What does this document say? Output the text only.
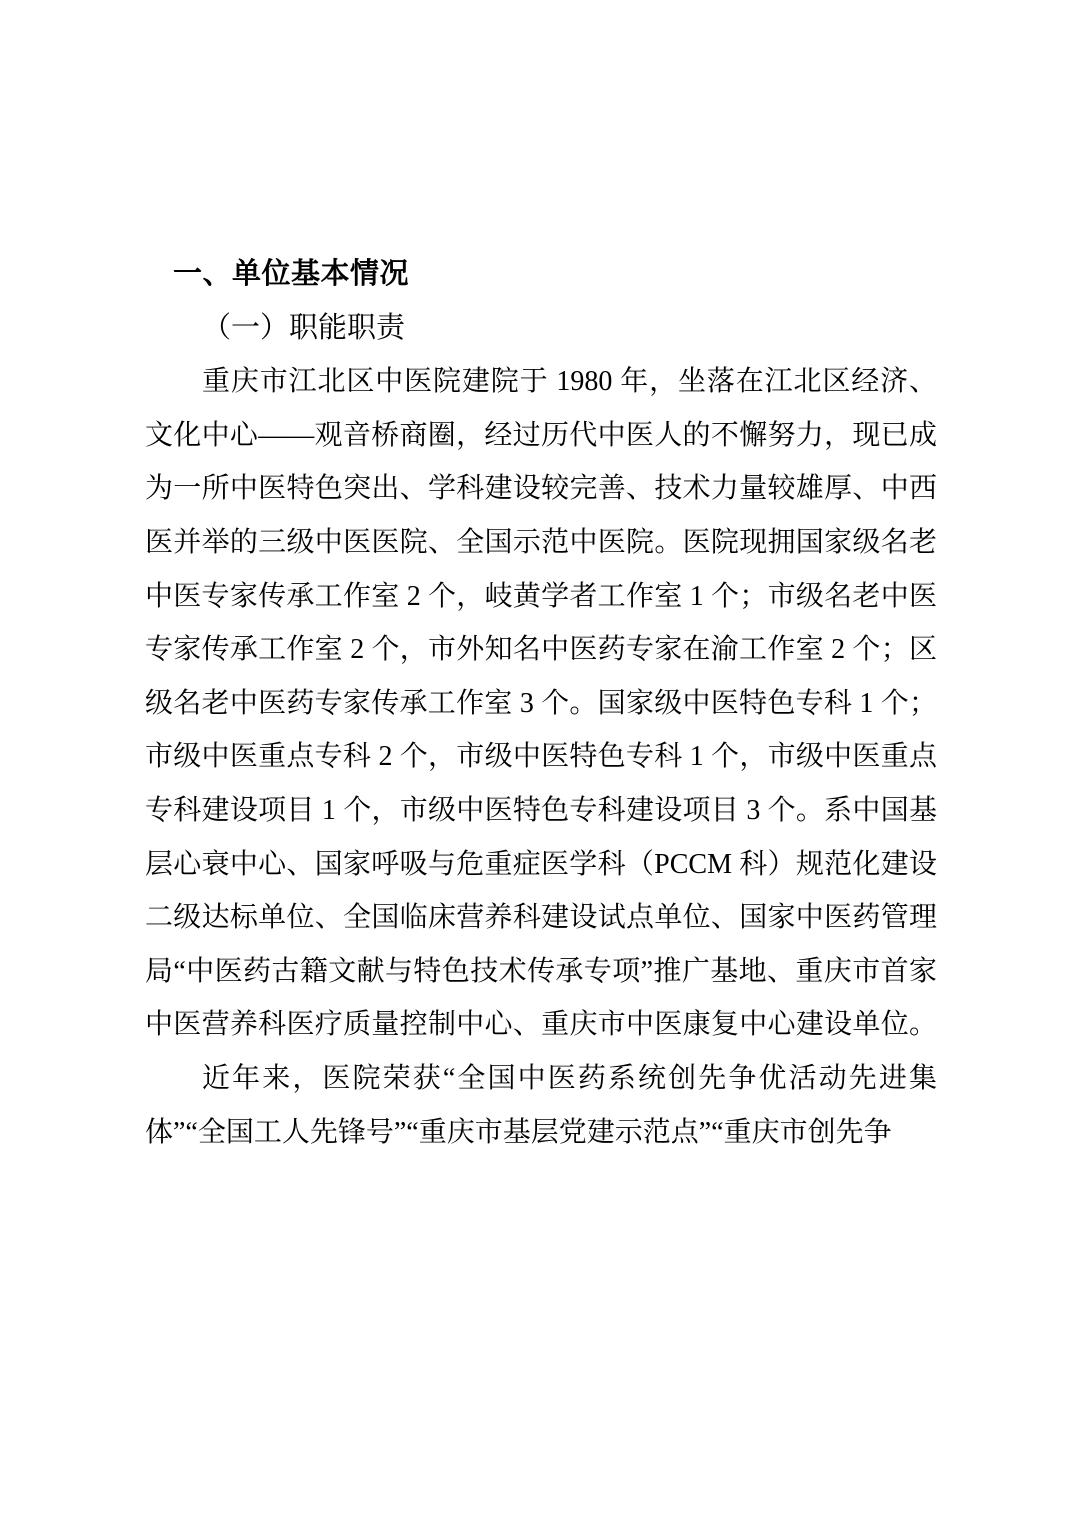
一、单位基本情况
（一）职能职责
重庆市江北区中医院建院于 1980 年，坐落在江北区经济、
文化中心——观音桥商圈，经过历代中医人的不懈努力，现已成
为一所中医特色突出、学科建设较完善、技术力量较雄厚、中西
医并举的三级中医医院、全国示范中医院。医院现拥国家级名老
中医专家传承工作室 2 个，岐黄学者工作室 1 个；市级名老中医
专家传承工作室 2 个，市外知名中医药专家在渝工作室 2 个；区
级名老中医药专家传承工作室 3 个。国家级中医特色专科 1 个；
市级中医重点专科 2 个，市级中医特色专科 1 个，市级中医重点
专科建设项目 1 个，市级中医特色专科建设项目 3 个。系中国基
层心衰中心、国家呼吸与危重症医学科（PCCM 科）规范化建设
二级达标单位、全国临床营养科建设试点单位、国家中医药管理
局“中医药古籍文献与特色技术传承专项”推广基地、重庆市首家
中医营养科医疗质量控制中心、重庆市中医康复中心建设单位。
近年来，医院荣获“全国中医药系统创先争优活动先进集
体”“全国工人先锋号”“重庆市基层党建示范点”“重庆市创先争
